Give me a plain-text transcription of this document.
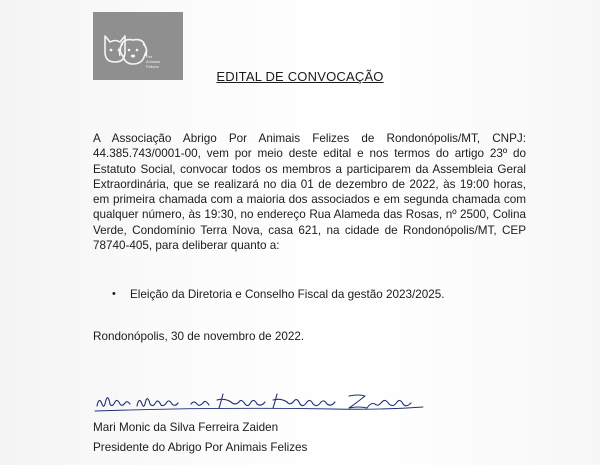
Por
Animais
Felizes
EDITAL DE CONVOCAÇÃO
A Associação Abrigo Por Animais Felizes de Rondonópolis/MT, CNPJ: 44.385.743/0001-00, vem por meio deste edital e nos termos do artigo 23º do Estatuto Social, convocar todos os membros a participarem da Assembleia Geral Extraordinária, que se realizará no dia 01 de dezembro de 2022, às 19:00 horas, em primeira chamada com a maioria dos associados e em segunda chamada com qualquer número, às 19:30, no endereço Rua Alameda das Rosas, nº 2500, Colina Verde, Condomínio Terra Nova, casa 621, na cidade de Rondonópolis/MT, CEP 78740-405, para deliberar quanto a:
• Eleição da Diretoria e Conselho Fiscal da gestão 2023/2025.
Rondonópolis, 30 de novembro de 2022.
Mari Monic da Silva Ferreira Zaiden
Presidente do Abrigo Por Animais Felizes
